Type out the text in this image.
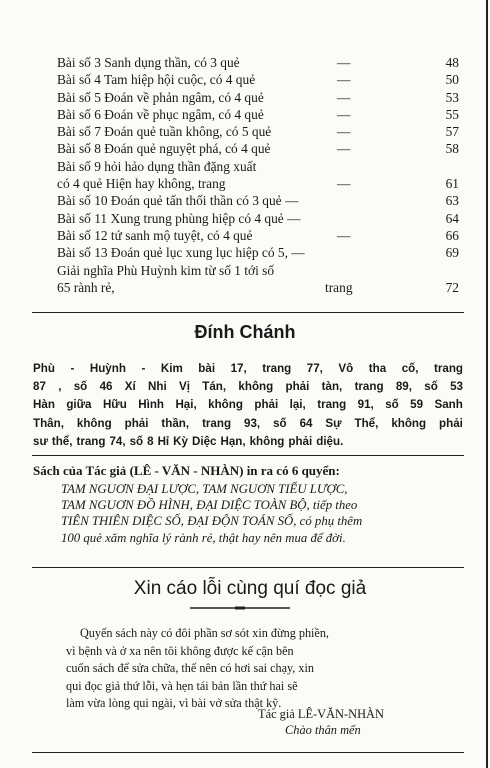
Bài số 3 Sanh dụng thần, có 3 quẻ	—	48
Bài số 4 Tam hiệp hội cuộc, có 4 quẻ	—	50
Bài số 5 Đoán về phản ngâm, có 4 quẻ	—	53
Bài số 6 Đoán về phục ngâm, có 4 quẻ	—	55
Bài số 7 Đoán quẻ tuần không, có 5 quẻ	—	57
Bài số 8 Đoán quẻ nguyệt phá, có 4 quẻ	—	58
Bài số 9 hỏi hảo dụng thần đặng xuất
có 4 quẻ Hiện hay không, trang	—	61
Bài số 10 Đoán quẻ tấn thối thần có 3 quẻ —	63
Bài số 11 Xung trung phùng hiệp có 4 quẻ —	64
Bài số 12 tứ sanh mộ tuyệt, có 4 quẻ	—	66
Bài số 13 Đoán quẻ lục xung lục hiệp có 5, —	69
Giải nghĩa Phù Huỳnh kim từ số 1 tới số
65 rành rẻ,	trang	72
Đính Chánh
Phù - Huỳnh - Kim bài 17, trang 77, Vô tha cố, trang
87 , số 46 Xí Nhi Vị Tán, không phải tàn, trang 89, số 53
Hàn giữa Hữu Hình Hại, không phải lại, trang 91, số 59 Sanh
Thân, không phải thần, trang 93, số 64 Sự Thể, không phải
sư thể, trang 74, số 8 Hỉ Kỳ Diệc Hạn, không phải diệu.
Sách của Tác giả (LÊ - VĂN - NHÀN) in ra có 6 quyển:
TAM NGUƠN ĐẠI LƯỢC, TAM NGUƠN TIỂU LƯỢC,
TAM NGUƠN ĐỒ HÌNH, ĐẠI DIỆC TOÀN BỘ, tiếp theo
TIÊN THIÊN DIỆC SỐ, ĐẠI ĐỘN TOÁN SỐ, có phụ thêm
100 quẻ xăm nghĩa lý rành rẻ, thật hay nên mua để đời.
Xin cáo lỗi cùng quí đọc giả
Quyển sách này có đôi phần sơ sót xin đừng phiền,
vì bệnh và ở xa nên tôi không được kế cận bên
cuốn sách để sửa chữa, thế nên có hơi sai chạy, xin
qui đọc giả thứ lỗi, và hẹn tái bản lần thứ hai sẽ
làm vừa lòng qui ngài, vì bài vở sửa thật kỹ.
Tác giả LÊ-VĂN-NHÀN
Chào thân mến
